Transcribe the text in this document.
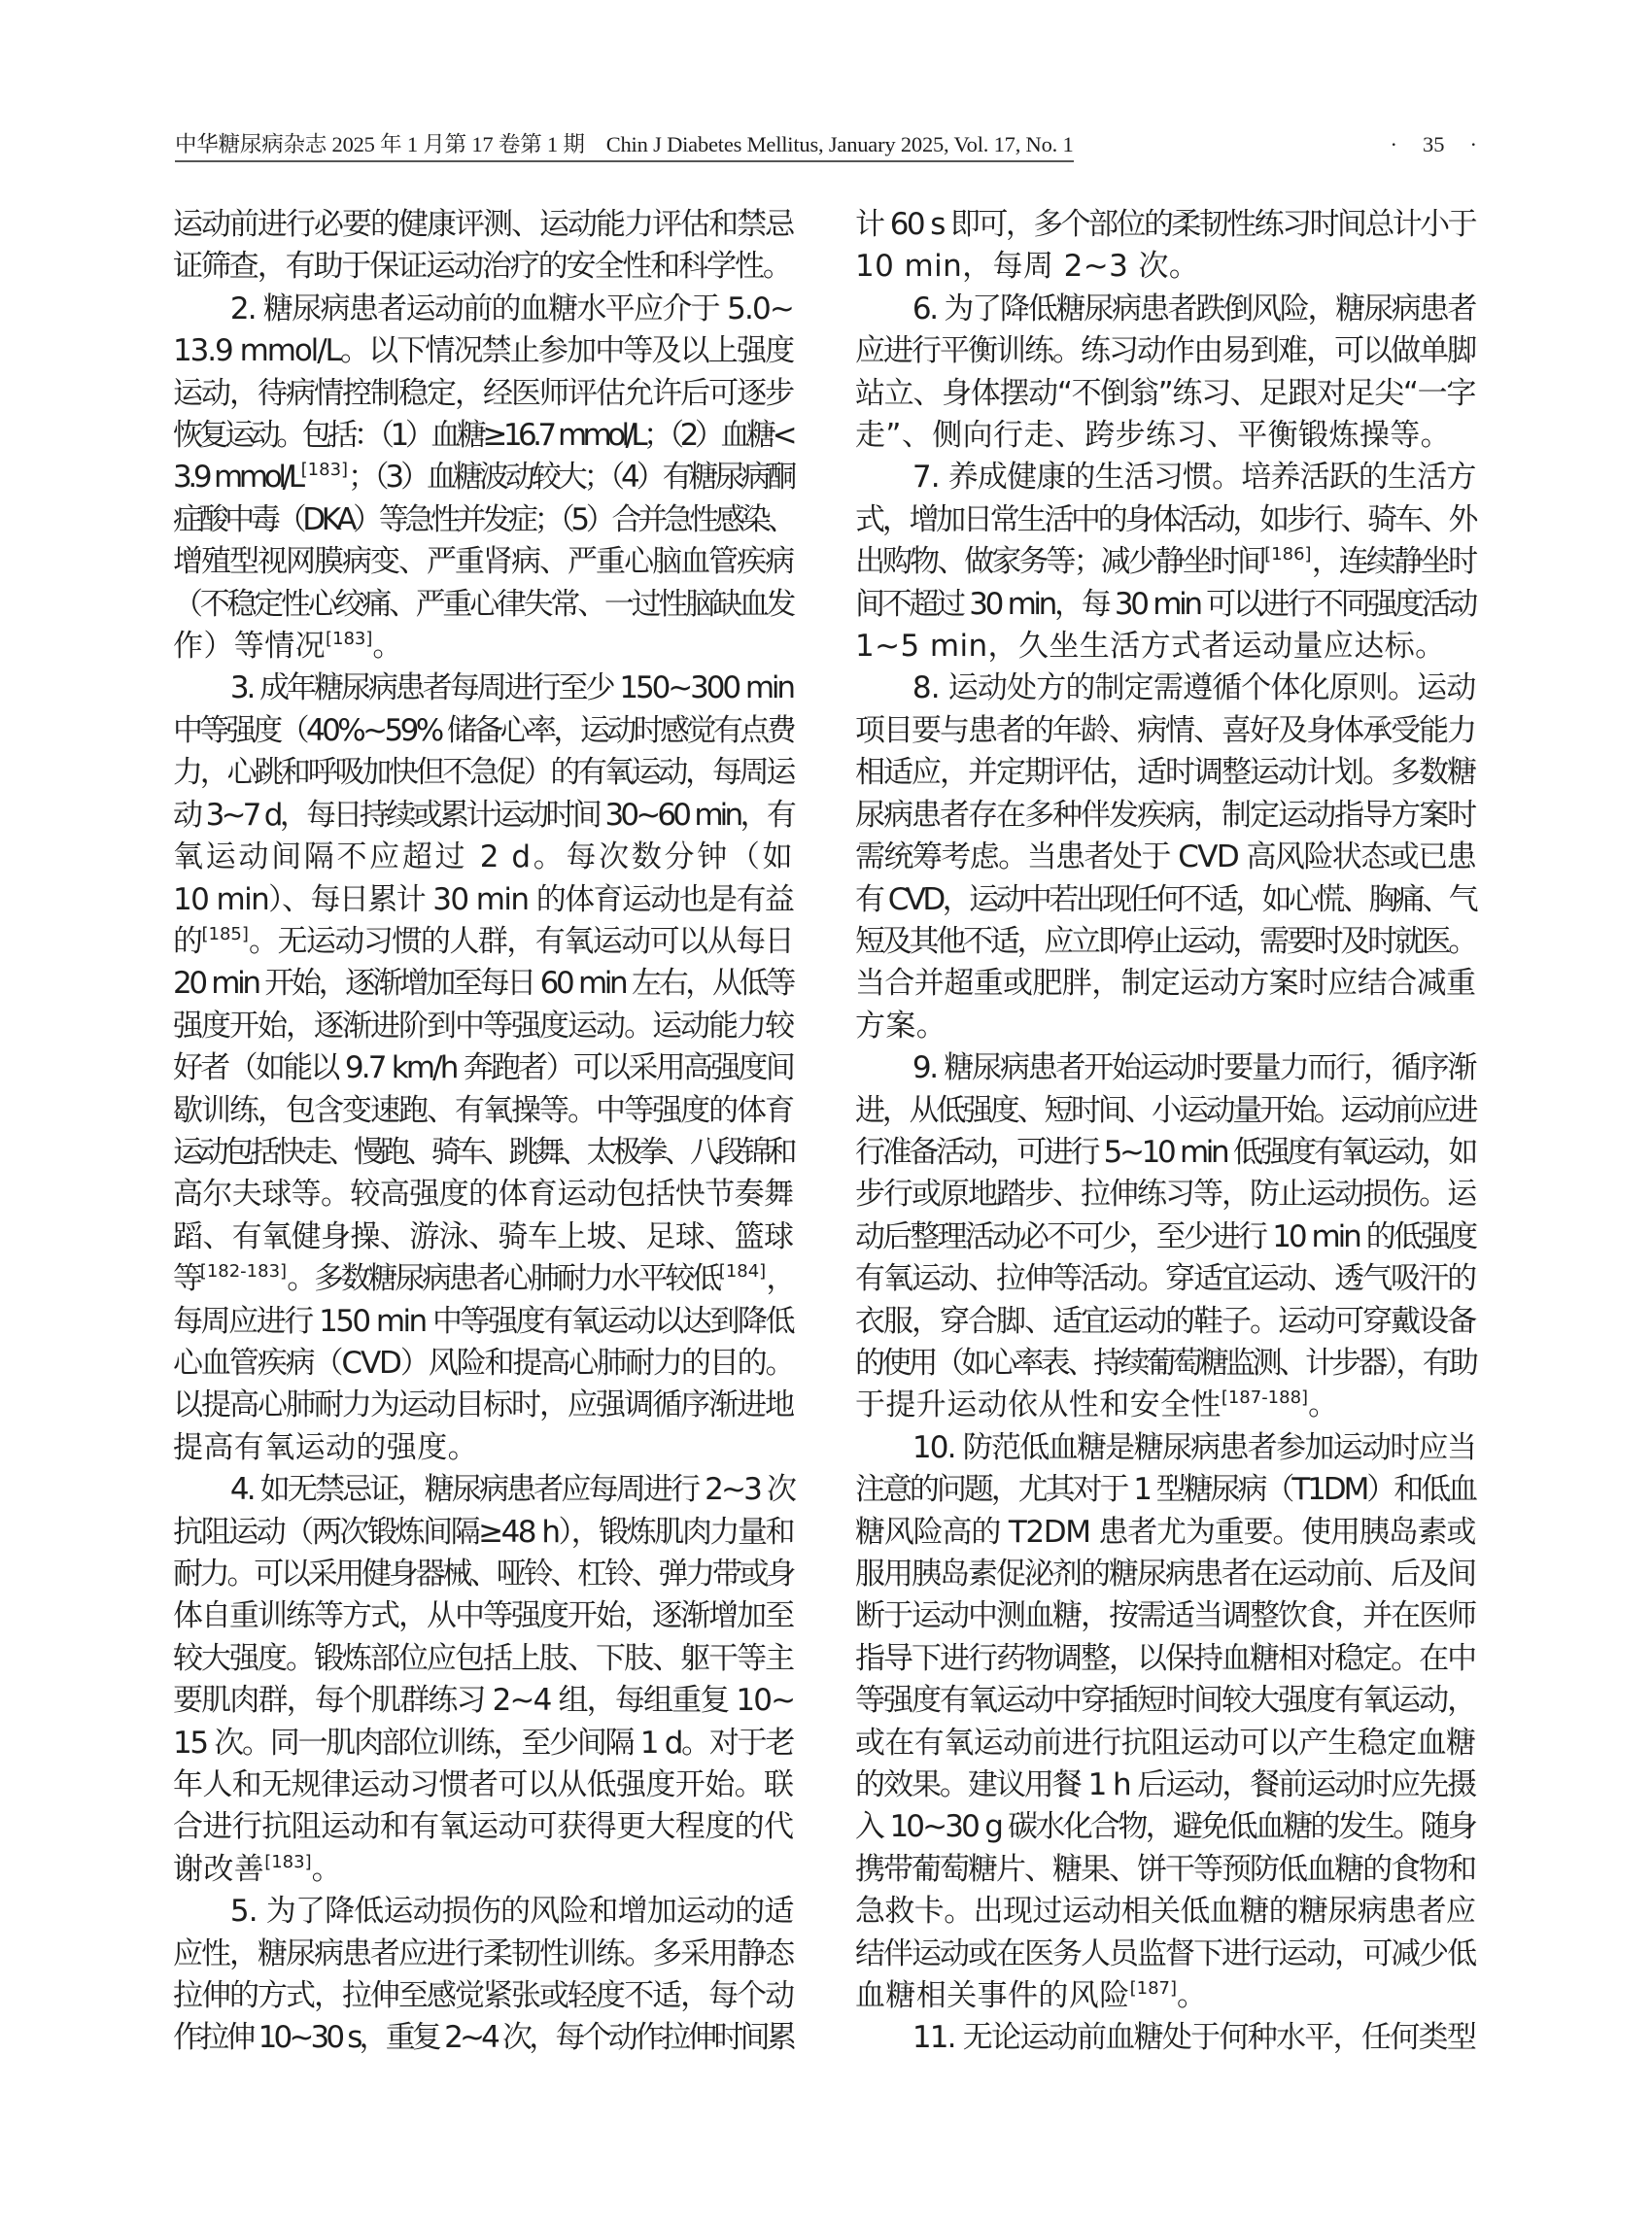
中华糖尿病杂志 2025 年 1 月第 17 卷第 1 期 Chin J Diabetes Mellitus, January 2025, Vol. 17, No. 1	· 35 ·
运动前进行必要的健康评测、运动能力评估和禁忌
证筛查，有助于保证运动治疗的安全性和科学性。
2. 糖尿病患者运动前的血糖水平应介于 5.0~
13.9 mmol/L。以下情况禁止参加中等及以上强度
运动，待病情控制稳定，经医师评估允许后可逐步
恢复运动。包括：（1）血糖≥16.7 mmol/L；（2）血糖<
3.9 mmol/L[183]；（3）血糖波动较大；（4）有糖尿病酮
症酸中毒（DKA）等急性并发症；（5）合并急性感染、
增殖型视网膜病变、严重肾病、严重心脑血管疾病
（不稳定性心绞痛、严重心律失常、一过性脑缺血发
作）等情况[183]。
3. 成年糖尿病患者每周进行至少 150~300 min
中等强度（40%~59% 储备心率，运动时感觉有点费
力，心跳和呼吸加快但不急促）的有氧运动，每周运
动 3~7 d，每日持续或累计运动时间 30~60 min，有
氧运动间隔不应超过 2 d。每次数分钟（如
10 min）、每日累计 30 min 的体育运动也是有益
的[185]。无运动习惯的人群，有氧运动可以从每日
20 min 开始，逐渐增加至每日 60 min 左右，从低等
强度开始，逐渐进阶到中等强度运动。运动能力较
好者（如能以 9.7 km/h 奔跑者）可以采用高强度间
歇训练，包含变速跑、有氧操等。中等强度的体育
运动包括快走、慢跑、骑车、跳舞、太极拳、八段锦和
高尔夫球等。较高强度的体育运动包括快节奏舞
蹈、有氧健身操、游泳、骑车上坡、足球、篮球
等[182-183]。多数糖尿病患者心肺耐力水平较低[184]，
每周应进行 150 min 中等强度有氧运动以达到降低
心血管疾病（CVD）风险和提高心肺耐力的目的。
以提高心肺耐力为运动目标时，应强调循序渐进地
提高有氧运动的强度。
4. 如无禁忌证，糖尿病患者应每周进行 2~3 次
抗阻运动（两次锻炼间隔≥48 h），锻炼肌肉力量和
耐力。可以采用健身器械、哑铃、杠铃、弹力带或身
体自重训练等方式，从中等强度开始，逐渐增加至
较大强度。锻炼部位应包括上肢、下肢、躯干等主
要肌肉群，每个肌群练习 2~4 组，每组重复 10~
15 次。同一肌肉部位训练，至少间隔 1 d。对于老
年人和无规律运动习惯者可以从低强度开始。联
合进行抗阻运动和有氧运动可获得更大程度的代
谢改善[183]。
5. 为了降低运动损伤的风险和增加运动的适
应性，糖尿病患者应进行柔韧性训练。多采用静态
拉伸的方式，拉伸至感觉紧张或轻度不适，每个动
作拉伸 10~30 s，重复 2~4 次，每个动作拉伸时间累
计 60 s 即可，多个部位的柔韧性练习时间总计小于
10 min，每周 2~3 次。
6. 为了降低糖尿病患者跌倒风险，糖尿病患者
应进行平衡训练。练习动作由易到难，可以做单脚
站立、身体摆动“不倒翁”练习、足跟对足尖“一字
走”、侧向行走、跨步练习、平衡锻炼操等。
7. 养成健康的生活习惯。培养活跃的生活方
式，增加日常生活中的身体活动，如步行、骑车、外
出购物、做家务等；减少静坐时间[186]，连续静坐时
间不超过 30 min，每 30 min 可以进行不同强度活动
1~5 min，久坐生活方式者运动量应达标。
8. 运动处方的制定需遵循个体化原则。运动
项目要与患者的年龄、病情、喜好及身体承受能力
相适应，并定期评估，适时调整运动计划。多数糖
尿病患者存在多种伴发疾病，制定运动指导方案时
需统筹考虑。当患者处于 CVD 高风险状态或已患
有 CVD，运动中若出现任何不适，如心慌、胸痛、气
短及其他不适，应立即停止运动，需要时及时就医。
当合并超重或肥胖，制定运动方案时应结合减重
方案。
9. 糖尿病患者开始运动时要量力而行，循序渐
进，从低强度、短时间、小运动量开始。运动前应进
行准备活动，可进行 5~10 min 低强度有氧运动，如
步行或原地踏步、拉伸练习等，防止运动损伤。运
动后整理活动必不可少，至少进行 10 min 的低强度
有氧运动、拉伸等活动。穿适宜运动、透气吸汗的
衣服，穿合脚、适宜运动的鞋子。运动可穿戴设备
的使用（如心率表、持续葡萄糖监测、计步器），有助
于提升运动依从性和安全性[187-188]。
10. 防范低血糖是糖尿病患者参加运动时应当
注意的问题，尤其对于 1 型糖尿病（T1DM）和低血
糖风险高的 T2DM 患者尤为重要。使用胰岛素或
服用胰岛素促泌剂的糖尿病患者在运动前、后及间
断于运动中测血糖，按需适当调整饮食，并在医师
指导下进行药物调整，以保持血糖相对稳定。在中
等强度有氧运动中穿插短时间较大强度有氧运动，
或在有氧运动前进行抗阻运动可以产生稳定血糖
的效果。建议用餐 1 h 后运动，餐前运动时应先摄
入 10~30 g 碳水化合物，避免低血糖的发生。随身
携带葡萄糖片、糖果、饼干等预防低血糖的食物和
急救卡。出现过运动相关低血糖的糖尿病患者应
结伴运动或在医务人员监督下进行运动，可减少低
血糖相关事件的风险[187]。
11. 无论运动前血糖处于何种水平，任何类型
